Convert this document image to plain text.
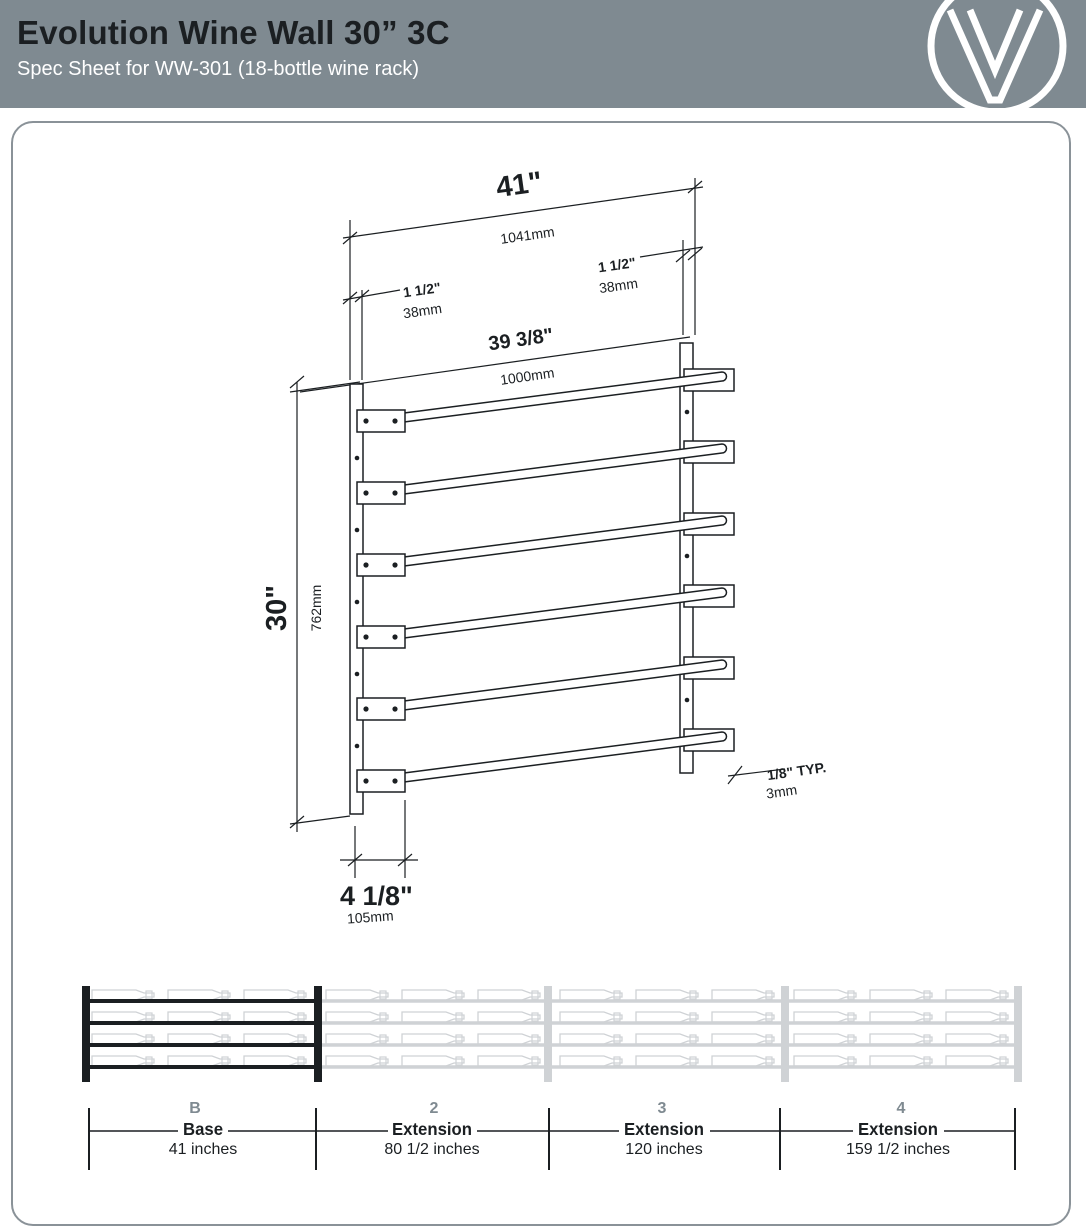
Evolution Wine Wall 30” 3C
Spec Sheet for WW-301 (18-bottle wine rack)
41"
1041mm
1 1/2"
38mm
1 1/2"
38mm
39 3/8"
1000mm
30" 762mm
4 1/8"
105mm
1/8" TYP.
3mm
B
Base
41 inches
2
Extension
80 1/2 inches
3
Extension
120 inches
4
Extension
159 1/2 inches
